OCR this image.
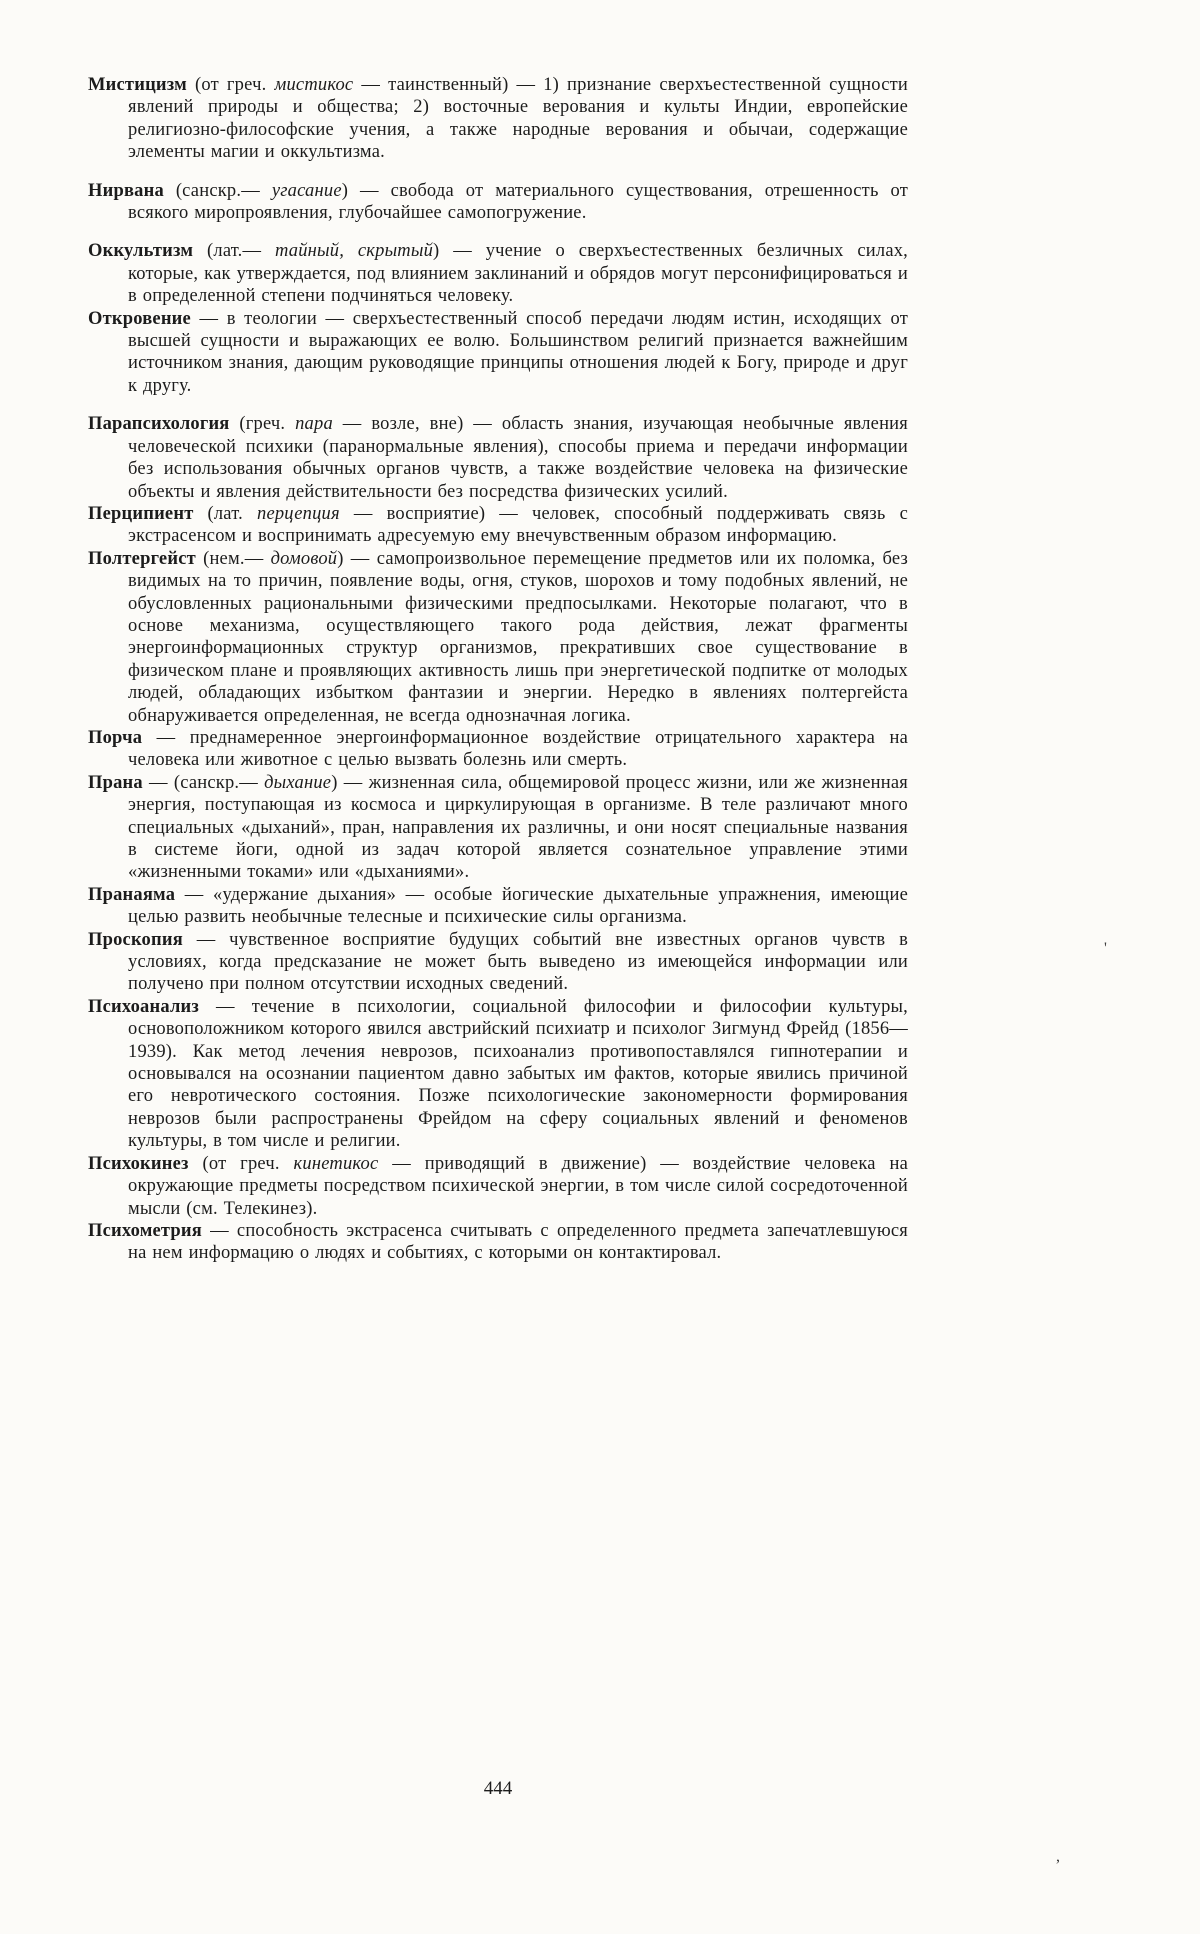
Мистицизм (от греч. мистикос — таинственный) — 1) признание сверхъестественной сущности явлений природы и общества; 2) восточные верования и культы Индии, европейские религиозно-философские учения, а также народные верования и обычаи, содержащие элементы магии и оккультизма.

Нирвана (санскр.— угасание) — свобода от материального существования, отрешенность от всякого миропроявления, глубочайшее самопогружение.

Оккультизм (лат.— тайный, скрытый) — учение о сверхъестественных безличных силах, которые, как утверждается, под влиянием заклинаний и обрядов могут персонифицироваться и в определенной степени подчиняться человеку.

Откровение — в теологии — сверхъестественный способ передачи людям истин, исходящих от высшей сущности и выражающих ее волю. Большинством религий признается важнейшим источником знания, дающим руководящие принципы отношения людей к Богу, природе и друг к другу.

Парапсихология (греч. пара — возле, вне) — область знания, изучающая необычные явления человеческой психики (паранормальные явления), способы приема и передачи информации без использования обычных органов чувств, а также воздействие человека на физические объекты и явления действительности без посредства физических усилий.

Перципиент (лат. перцепция — восприятие) — человек, способный поддерживать связь с экстрасенсом и воспринимать адресуемую ему внечувственным образом информацию.

Полтергейст (нем.— домовой) — самопроизвольное перемещение предметов или их поломка, без видимых на то причин, появление воды, огня, стуков, шорохов и тому подобных явлений, не обусловленных рациональными физическими предпосылками. Некоторые полагают, что в основе механизма, осуществляющего такого рода действия, лежат фрагменты энергоинформационных структур организмов, прекративших свое существование в физическом плане и проявляющих активность лишь при энергетической подпитке от молодых людей, обладающих избытком фантазии и энергии. Нередко в явлениях полтергейста обнаруживается определенная, не всегда однозначная логика.

Порча — преднамеренное энергоинформационное воздействие отрицательного характера на человека или животное с целью вызвать болезнь или смерть.

Прана — (санскр.— дыхание) — жизненная сила, общемировой процесс жизни, или же жизненная энергия, поступающая из космоса и циркулирующая в организме. В теле различают много специальных «дыханий», пран, направления их различны, и они носят специальные названия в системе йоги, одной из задач которой является сознательное управление этими «жизненными токами» или «дыханиями».

Пранаяма — «удержание дыхания» — особые йогические дыхательные упражнения, имеющие целью развить необычные телесные и психические силы организма.

Проскопия — чувственное восприятие будущих событий вне известных органов чувств в условиях, когда предсказание не может быть выведено из имеющейся информации или получено при полном отсутствии исходных сведений.

Психоанализ — течение в психологии, социальной философии и философии культуры, основоположником которого явился австрийский психиатр и психолог Зигмунд Фрейд (1856—1939). Как метод лечения неврозов, психоанализ противопоставлялся гипнотерапии и основывался на осознании пациентом давно забытых им фактов, которые явились причиной его невротического состояния. Позже психологические закономерности формирования неврозов были распространены Фрейдом на сферу социальных явлений и феноменов культуры, в том числе и религии.

Психокинез (от греч. кинетикос — приводящий в движение) — воздействие человека на окружающие предметы посредством психической энергии, в том числе силой сосредоточенной мысли (см. Телекинез).

Психометрия — способность экстрасенса считывать с определенного предмета запечатлевшуюся на нем информацию о людях и событиях, с которыми он контактировал.

444
'
,
